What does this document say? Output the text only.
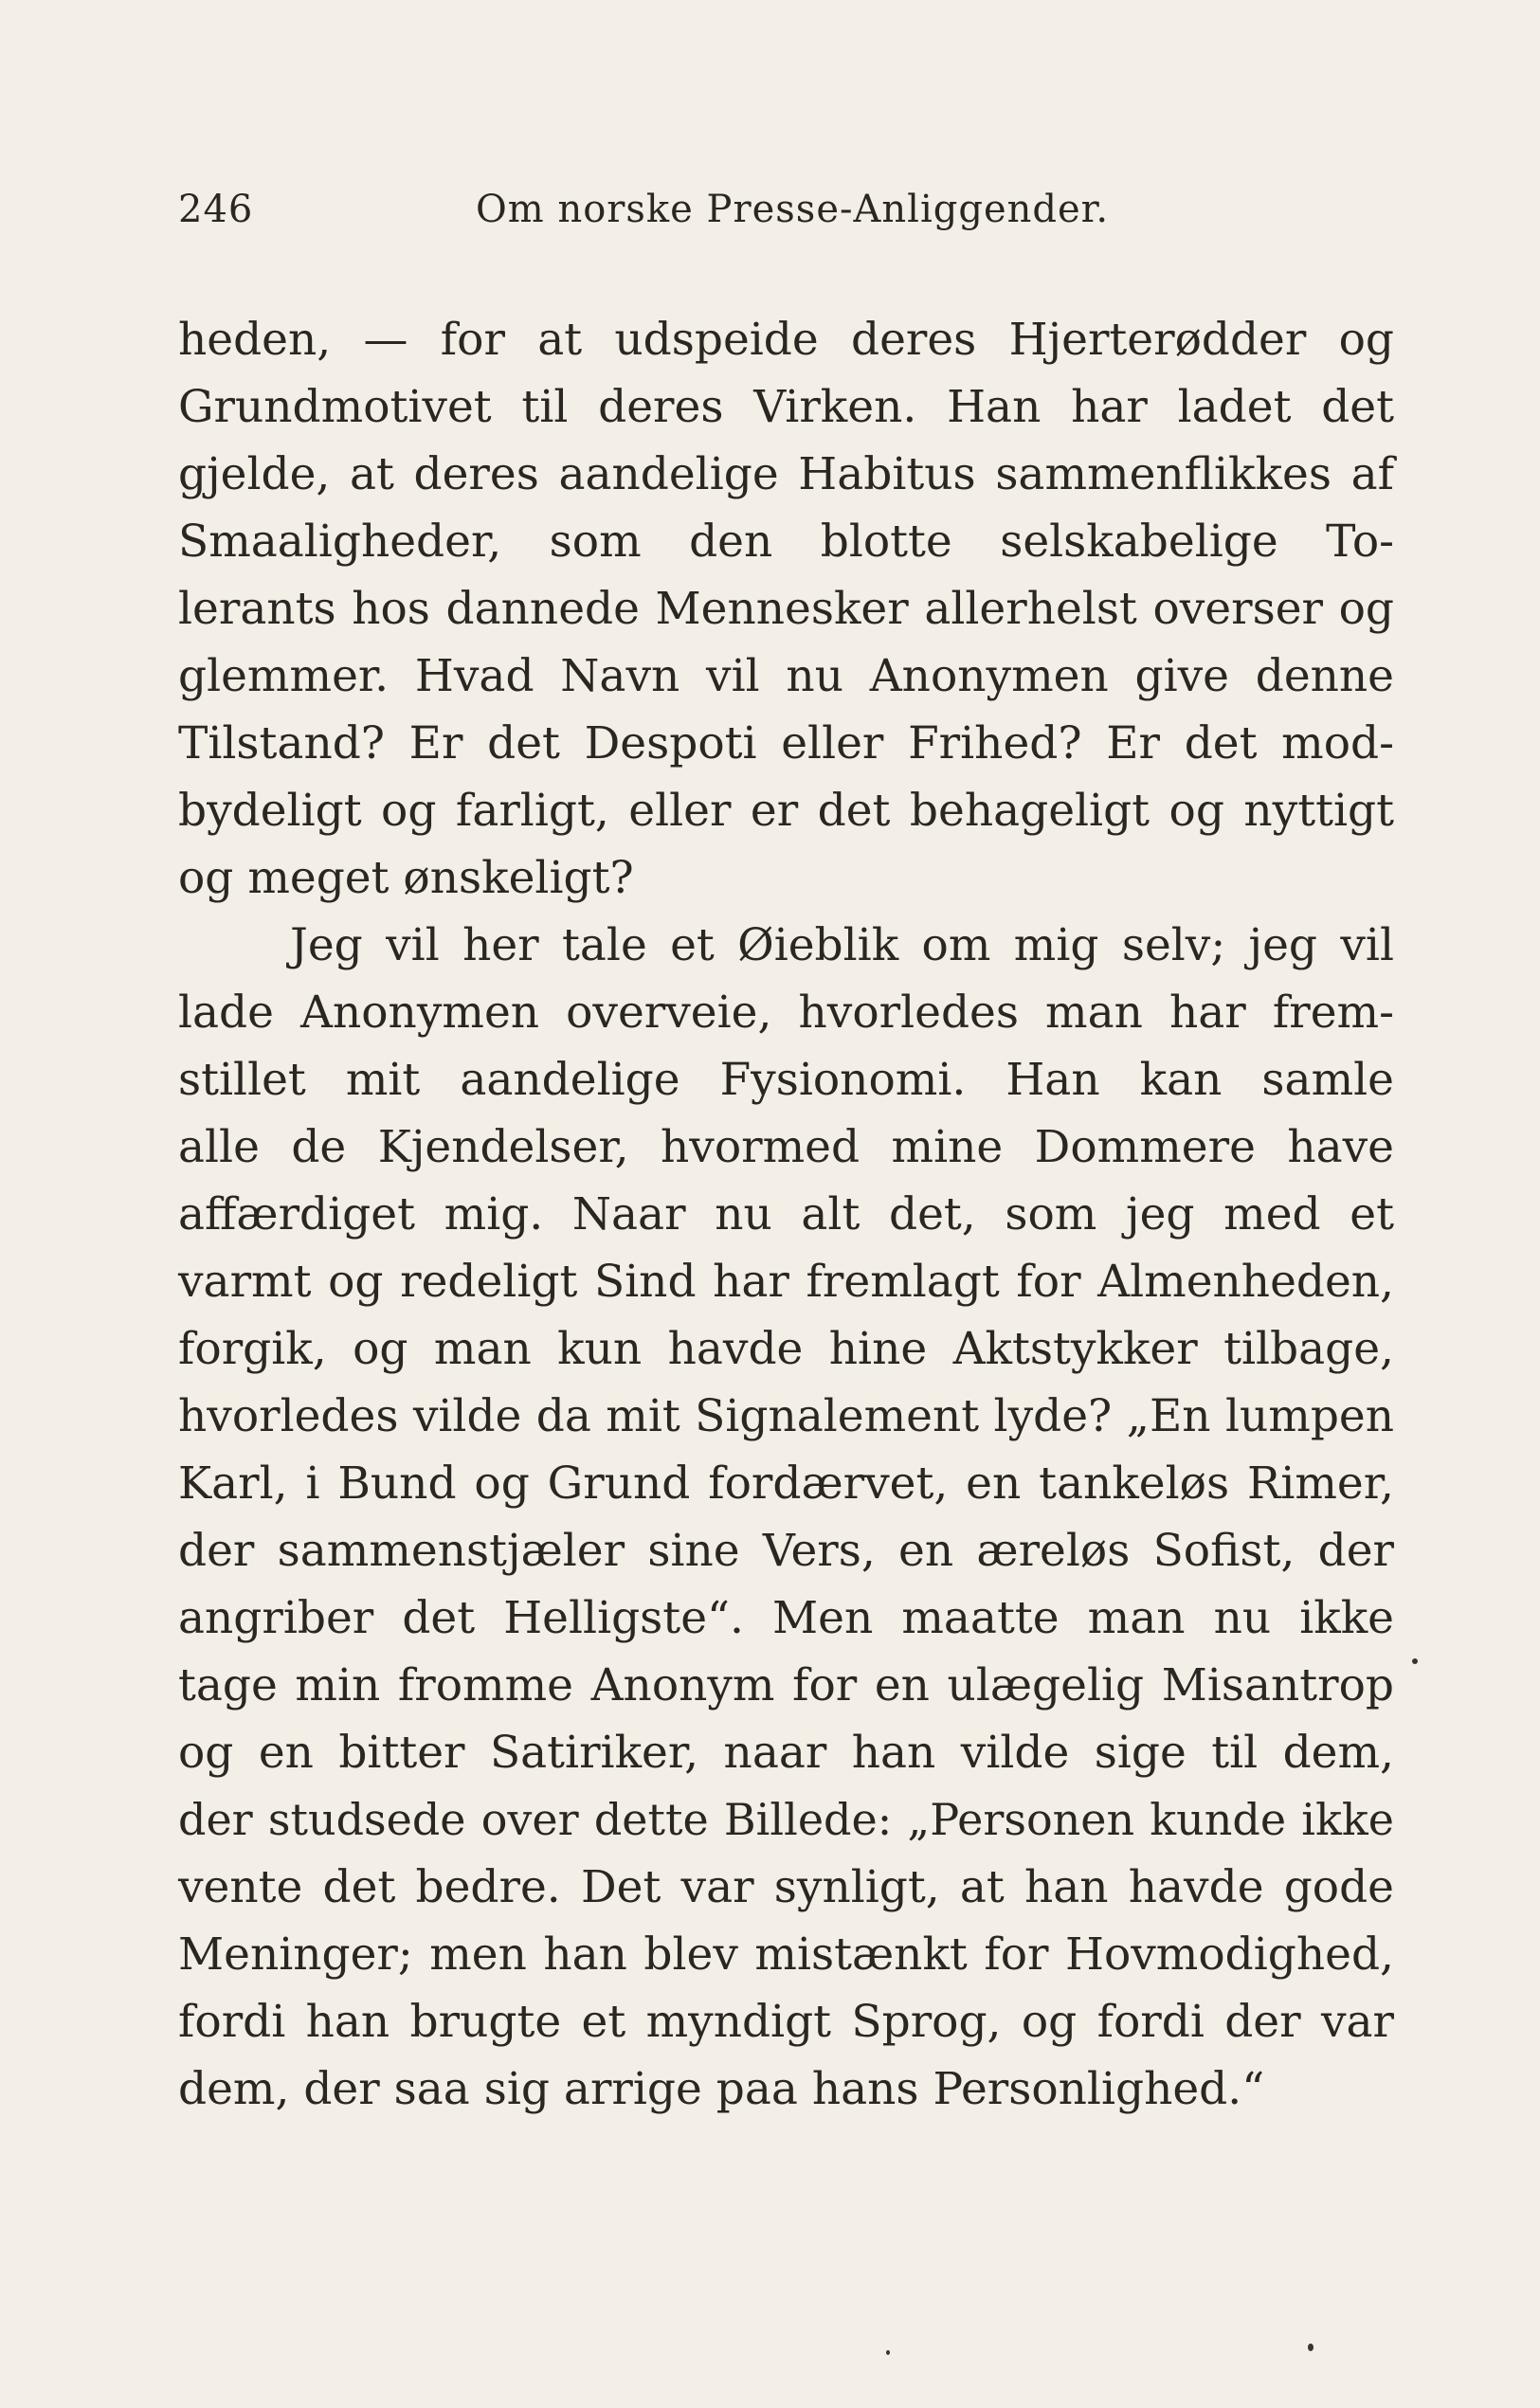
246	Om norske Presse-Anliggender.
heden, — for at udspeide deres Hjerterødder og
Grundmotivet til deres Virken. Han har ladet det
gjelde, at deres aandelige Habitus sammenflikkes af
Smaaligheder, som den blotte selskabelige To-
lerants hos dannede Mennesker allerhelst overser og
glemmer. Hvad Navn vil nu Anonymen give denne
Tilstand? Er det Despoti eller Frihed? Er det mod-
bydeligt og farligt, eller er det behageligt og nyttigt
og meget ønskeligt?
Jeg vil her tale et Øieblik om mig selv; jeg vil
lade Anonymen overveie, hvorledes man har frem-
stillet mit aandelige Fysionomi. Han kan samle
alle de Kjendelser, hvormed mine Dommere have
affærdiget mig. Naar nu alt det, som jeg med et
varmt og redeligt Sind har fremlagt for Almenheden,
forgik, og man kun havde hine Aktstykker tilbage,
hvorledes vilde da mit Signalement lyde? „En lumpen
Karl, i Bund og Grund fordærvet, en tankeløs Rimer,
der sammenstjæler sine Vers, en æreløs Sofist, der
angriber det Helligste“. Men maatte man nu ikke
tage min fromme Anonym for en ulægelig Misantrop
og en bitter Satiriker, naar han vilde sige til dem,
der studsede over dette Billede: „Personen kunde ikke
vente det bedre. Det var synligt, at han havde gode
Meninger; men han blev mistænkt for Hovmodighed,
fordi han brugte et myndigt Sprog, og fordi der var
dem, der saa sig arrige paa hans Personlighed.“
